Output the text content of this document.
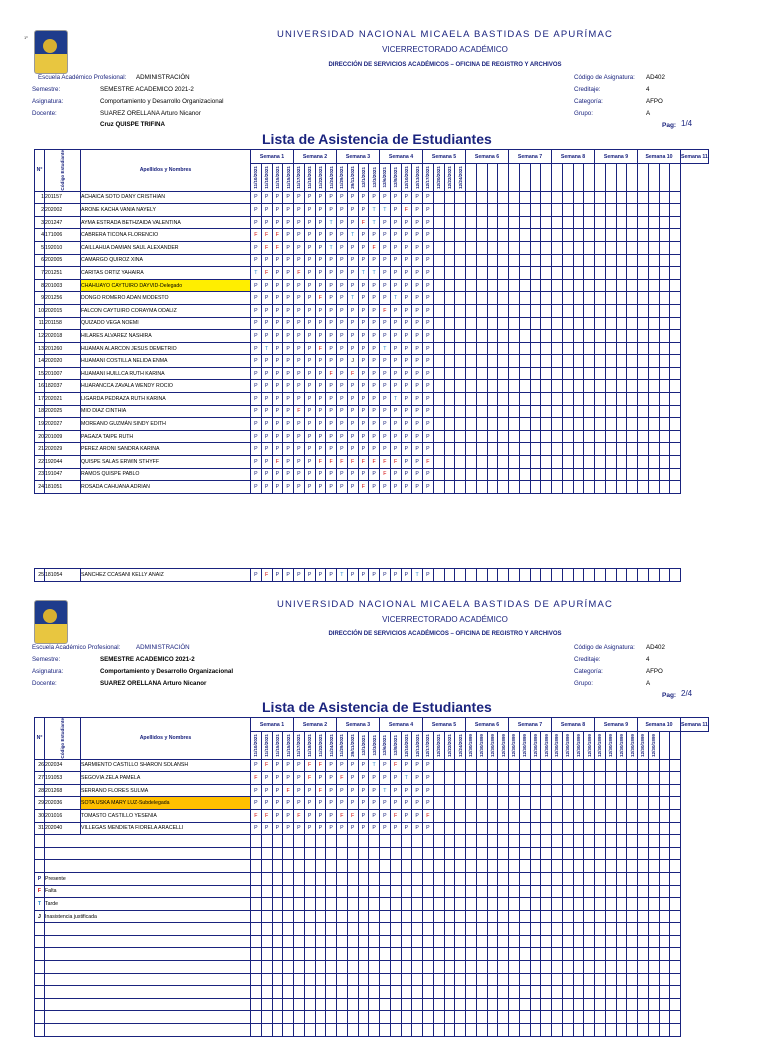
1º	UNIVERSIDAD NACIONAL MICAELA BASTIDAS DE APURÍMAC
VICERRECTORADO ACADÉMICO
DIRECCIÓN DE SERVICIOS ACADÉMICOS – OFICINA DE REGISTRO Y ARCHIVOS
Escuela Académico Profesional: ADMINISTRACIÓN
Semestre:	SEMESTRE ACADEMICO 2021-2
Asignatura:	Comportamiento y Desarrollo Organizacional
Docente:	SUAREZ ORELLANA Arturo Nicanor
Cruz QUISPE TRIFINA
Código de Asignatura: AD402
Creditaje:	4
Categoría:	AFPO
Grupo:	A
Pag: 1/4
Lista de Asistencia de Estudiantes
N°	Código Estudiante	Apellidos y Nombres	Semana 1				Semana 2				Semana 3				Semana 4				Semana 5				Semana 6				Semana 7				Semana 8				Semana 9				Semana 10				Semana 11

			11/10/2021	11/10/2021	11/15/2021	11/15/2021	11/17/2021	11/18/2021	11/22/2021	11/24/2021	11/29/2021	29/11/2021	12/1/2021	12/3/2021	12/6/2021	12/8/2021	12/10/2021	12/13/2021	12/17/2021	12/20/2021	12/22/2021	12/24/2021																					

1	201157	ACHAICA SOTO DANY CRISTHIAN	P	P	P	P	P	P	P	P	P	P	P	P	P	P	P	P	P																								
2	202002	ARONE KACHA VANIA NAYELY	P	P	P	P	P	P	P	P	P	P	P	T	T	P	F	P	P																								
3	201247	AYMA ESTRADA BETHZAIDA VALENTINA	P	P	P	P	P	P	P	T	P	P	F	T	P	P	P	P	P																								
4	171006	CABRERA TICONA FLORENCIO	F	F	F	P	P	P	P	P	P	T	P	P	P	P	P	P	P																								
5	192010	CAILLAHUA DAMIAN SAUL ALEXANDER	P	F	F	P	P	P	P	T	P	P	P	F	P	P	P	P	P																								
6	202005	CAMARGO QUIROZ XINA	P	P	P	P	P	P	P	P	P	P	P	P	P	P	P	P	P																								
7	201251	CARITAS ORTIZ YAHAIRA	T	F	P	P	F	P	P	P	P	P	T	T	P	P	P	P	P																								
8	201003	CHAHUAYO CAYTUIRO DAYVID-Delegado	P	P	P	P	P	P	P	P	P	P	P	P	P	P	P	P	P																								
9	201256	DONGO ROMERO ADAN MODESTO	P	P	P	P	P	P	F	P	P	T	P	P	P	T	P	P	P																								
10	202015	FALCON CAYTUIRO CORAYMA ODALIZ	P	P	P	P	P	P	P	P	P	P	P	P	F	P	P	P	P																								
11	201158	QUIZADO VEGA NOEMI	P	P	P	P	P	P	P	P	P	P	P	P	P	P	P	P	P																								
12	202018	HILARES ALVAREZ NASHIRA	P	P	P	P	P	P	P	P	P	P	P	P	P	P	P	P	P																								
13	201260	HUAMAN ALARCON JESUS DEMETRIO	P	T	P	P	P	P	F	P	P	P	P	P	T	P	P	P	P																								
14	202020	HUAMANI COSTILLA NELIDA ENMA	P	P	P	P	P	P	P	P	P	J	P	P	P	P	P	P	P																								
15	201007	HUAMANI HUILLCA RUTH KARINA	P	P	P	P	P	P	P	F	P	F	P	P	P	P	P	P	P																								
16	182037	HUARANCCA ZAVALA WENDY ROCIO	P	P	P	P	P	P	P	P	P	P	P	P	P	P	P	P	P																								
17	202021	LIGARDA PEDRAZA RUTH KARINA	P	P	P	P	P	P	P	P	P	P	P	P	P	T	P	P	P																								
18	202025	MIO DIAZ CINTHIA	P	P	P	P	F	P	P	P	P	P	P	P	P	P	P	P	P																								
19	202027	MOREANO GUZMÁN SINDY EDITH	P	P	P	P	P	P	P	P	P	P	P	P	P	P	P	P	P																								
20	201009	PAGAZA TAIPE RUTH	P	P	P	P	P	P	P	P	P	P	P	P	P	P	P	P	P																								
21	202029	PEREZ ARONI SANDRA KARINA	P	P	P	P	P	P	P	P	P	P	P	P	P	P	P	P	P																								
22	192044	QUISPE SALAS ERWIN STHYFF	P	P	F	P	P	P	F	F	F	F	F	F	F	F	P	P	F																								
23	191047	RAMOS QUISPE PABLO	P	P	P	P	P	P	P	P	P	P	P	P	F	P	P	P	P																								
24	181051	ROSADA CAHUANA ADRIAN	P	P	P	P	P	P	P	P	P	P	F	P	P	P	P	P	P																								
25	181054	SANCHEZ CCASANI KELLY ANAIZ	P	F	P	P	P	P	P	P	T	P	P	P	P	P	P	T	P																							
UNIVERSIDAD NACIONAL MICAELA BASTIDAS DE APURÍMAC
VICERRECTORADO ACADÉMICO
DIRECCIÓN DE SERVICIOS ACADÉMICOS – OFICINA DE REGISTRO Y ARCHIVOS
Escuela Académico Profesional:	ADMINISTRACIÓN
Semestre:	SEMESTRE ACADEMICO 2021-2
Asignatura:	Comportamiento y Desarrollo Organizacional
Docente:	SUAREZ ORELLANA Arturo Nicanor
Código de Asignatura: AD402
Creditaje:	4
Categoría:	AFPO
Grupo:	A
Pag: 2/4
Lista de Asistencia de Estudiantes
N°	Código Estudiante	Apellidos y Nombres	Semana 1				Semana 2				Semana 3				Semana 4				Semana 5				Semana 6				Semana 7				Semana 8				Semana 9				Semana 10				Semana 11

			11/10/2021	11/10/2021	11/15/2021	11/15/2021	11/17/2021	11/18/2021	11/22/2021	11/24/2021	11/29/2021	29/11/2021	12/1/2021	12/3/2021	12/6/2021	12/8/2021	12/10/2021	12/13/2021	12/17/2021	12/20/2021	12/22/2021	12/24/2021	12/30/1899	12/30/1899	12/30/1899	12/30/1899	12/30/1899	12/30/1899	12/30/1899	12/30/1899	12/30/1899	12/30/1899	12/30/1899	12/30/1899	12/30/1899	12/30/1899	12/30/1899	12/30/1899	12/30/1899	12/30/1899			

26	202034	SARMIENTO CASTILLO SHARON SOLANSH	P	F	P	P	P	F	F	P	P	P	P	T	P	F	P	P	P																								
27	191053	SEGOVIA ZELA PAMELA	F	P	P	P	P	F	P	P	F	P	P	P	P	P	T	P	P																								
28	201268	SERRANO FLORES SULMA	P	P	P	F	P	P	F	P	P	P	P	P	T	P	P	P	P																								
29	202036	SOTA USKA MARY LUZ-Subdelegada	P	P	P	P	P	P	P	P	P	P	P	P	P	P	P	P	P																								
30	201016	TOMASTO CASTILLO YESENIA	F	F	P	P	F	P	P	P	F	F	P	P	P	F	P	P	F																								
31	202040	VILLEGAS MENDIETA FIORELA ARACELLI	P	P	P	P	P	P	P	P	P	P	P	P	P	P	P	P	P																								

P	Presente																																										
F	Falta																																										
T	Tarde																																										
J	Inasistencia justificada																																										
